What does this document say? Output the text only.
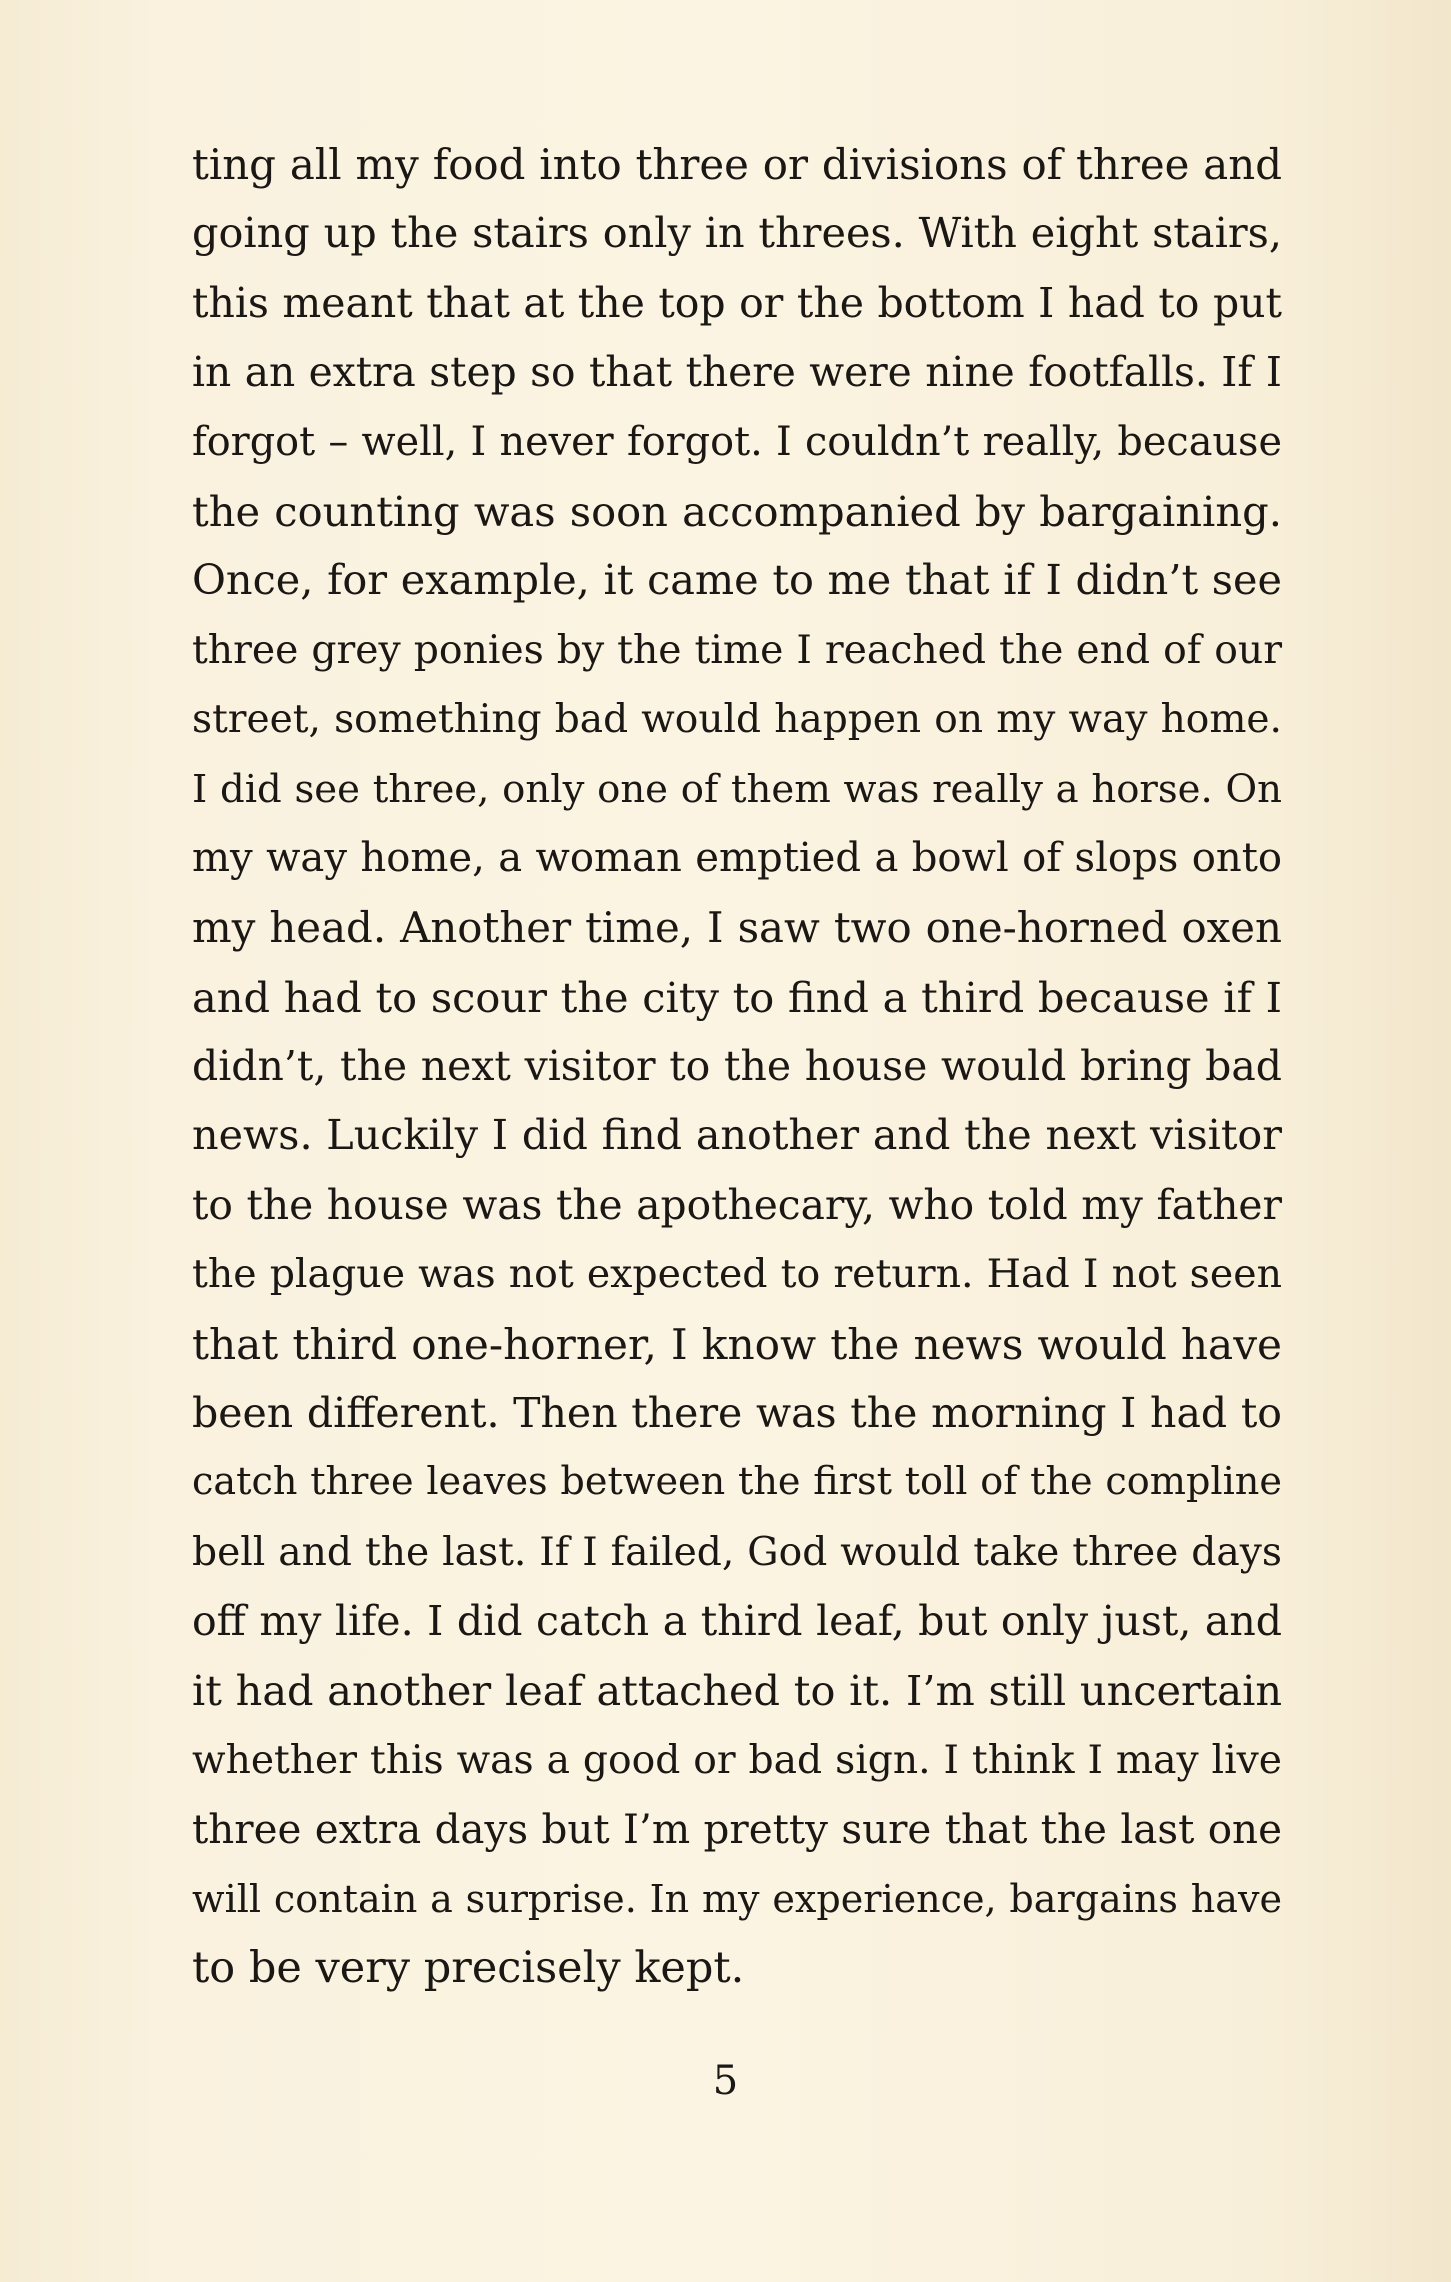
ting all my food into three or divisions of three and
going up the stairs only in threes. With eight stairs,
this meant that at the top or the bottom I had to put
in an extra step so that there were nine footfalls. If I
forgot – well, I never forgot. I couldn’t really, because
the counting was soon accompanied by bargaining.
Once, for example, it came to me that if I didn’t see
three grey ponies by the time I reached the end of our
street, something bad would happen on my way home.
I did see three, only one of them was really a horse. On
my way home, a woman emptied a bowl of slops onto
my head. Another time, I saw two one-horned oxen
and had to scour the city to find a third because if I
didn’t, the next visitor to the house would bring bad
news. Luckily I did find another and the next visitor
to the house was the apothecary, who told my father
the plague was not expected to return. Had I not seen
that third one-horner, I know the news would have
been different. Then there was the morning I had to
catch three leaves between the first toll of the compline
bell and the last. If I failed, God would take three days
off my life. I did catch a third leaf, but only just, and
it had another leaf attached to it. I’m still uncertain
whether this was a good or bad sign. I think I may live
three extra days but I’m pretty sure that the last one
will contain a surprise. In my experience, bargains have
to be very precisely kept.
5
